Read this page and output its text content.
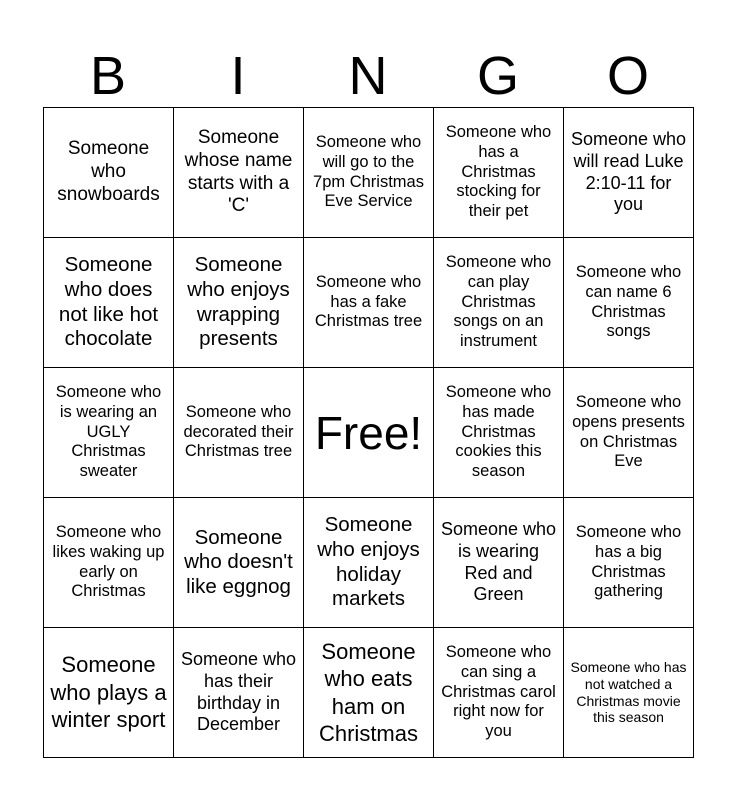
B	I	N	G	O
Someone who snowboards
Someone whose name starts with a 'C'
Someone who will go to the 7pm Christmas Eve Service
Someone who has a Christmas stocking for their pet
Someone who will read Luke 2:10-11 for you
Someone who does not like hot chocolate
Someone who enjoys wrapping presents
Someone who has a fake Christmas tree
Someone who can play Christmas songs on an instrument
Someone who can name 6 Christmas songs
Someone who is wearing an UGLY Christmas sweater
Someone who decorated their Christmas tree Free!
Someone who has made Christmas cookies this season
Someone who opens presents on Christmas Eve
Someone who likes waking up early on Christmas
Someone who doesn't like eggnog
Someone who enjoys holiday markets
Someone who is wearing Red and Green
Someone who has a big Christmas gathering
Someone who plays a winter sport
Someone who has their birthday in December
Someone who eats ham on Christmas
Someone who can sing a Christmas carol right now for you
Someone who has not watched a Christmas movie this season
